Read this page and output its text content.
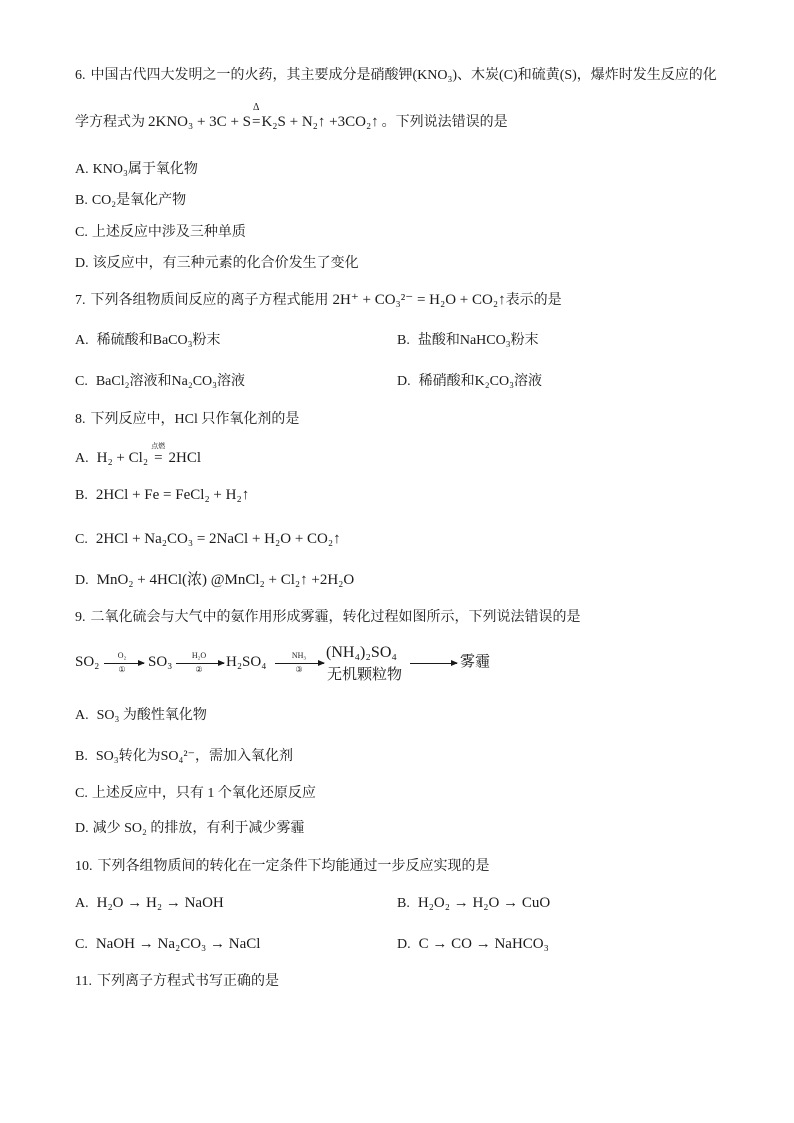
6. 中国古代四大发明之一的火药，其主要成分是硝酸钾(KNO₃)、木炭(C)和硫黄(S)，爆炸时发生反应的化
学方程式为 2KNO₃ + 3C + S
Δ
=K₂S + N₂↑ +3CO₂↑ 。下列说法错误的是
A. KNO₃属于氧化物
B. CO₂是氧化产物
C. 上述反应中涉及三种单质
D. 该反应中，有三种元素的化合价发生了变化
7. 下列各组物质间反应的离子方程式能用 2H⁺ + CO₃²⁻ = H₂O + CO₂↑表示的是
A. 稀硫酸和BaCO₃粉末	B. 盐酸和NaHCO₃粉末
C. BaCl₂溶液和Na₂CO₃溶液	D. 稀硝酸和K₂CO₃溶液
8. 下列反应中，HCl 只作氧化剂的是
A. H₂ + Cl₂
点燃
= 2HCl
B. 2HCl + Fe = FeCl₂ + H₂↑
C. 2HCl + Na₂CO₃ = 2NaCl + H₂O + CO₂↑
D. MnO₂ + 4HCl(浓) @MnCl₂ + Cl₂↑ +2H₂O
9. 二氧化硫会与大气中的氨作用形成雾霾，转化过程如图所示，下列说法错误的是
SO₂ →
O₂
① SO₃ →
H₂O
② H₂SO₄ →
NH₃
③
(NH₄)₂SO₄
无机颗粒物
雾霾
A. SO₃ 为酸性氧化物
B. SO₃转化为SO₄²⁻，需加入氧化剂
C. 上述反应中，只有 1 个氧化还原反应
D. 减少 SO₂ 的排放，有利于减少雾霾
10. 下列各组物质间的转化在一定条件下均能通过一步反应实现的是
A. H₂O → H₂ → NaOH	B. H₂O₂ → H₂O → CuO
C. NaOH → Na₂CO₃ → NaCl	D. C → CO → NaHCO₃
11. 下列离子方程式书写正确的是
